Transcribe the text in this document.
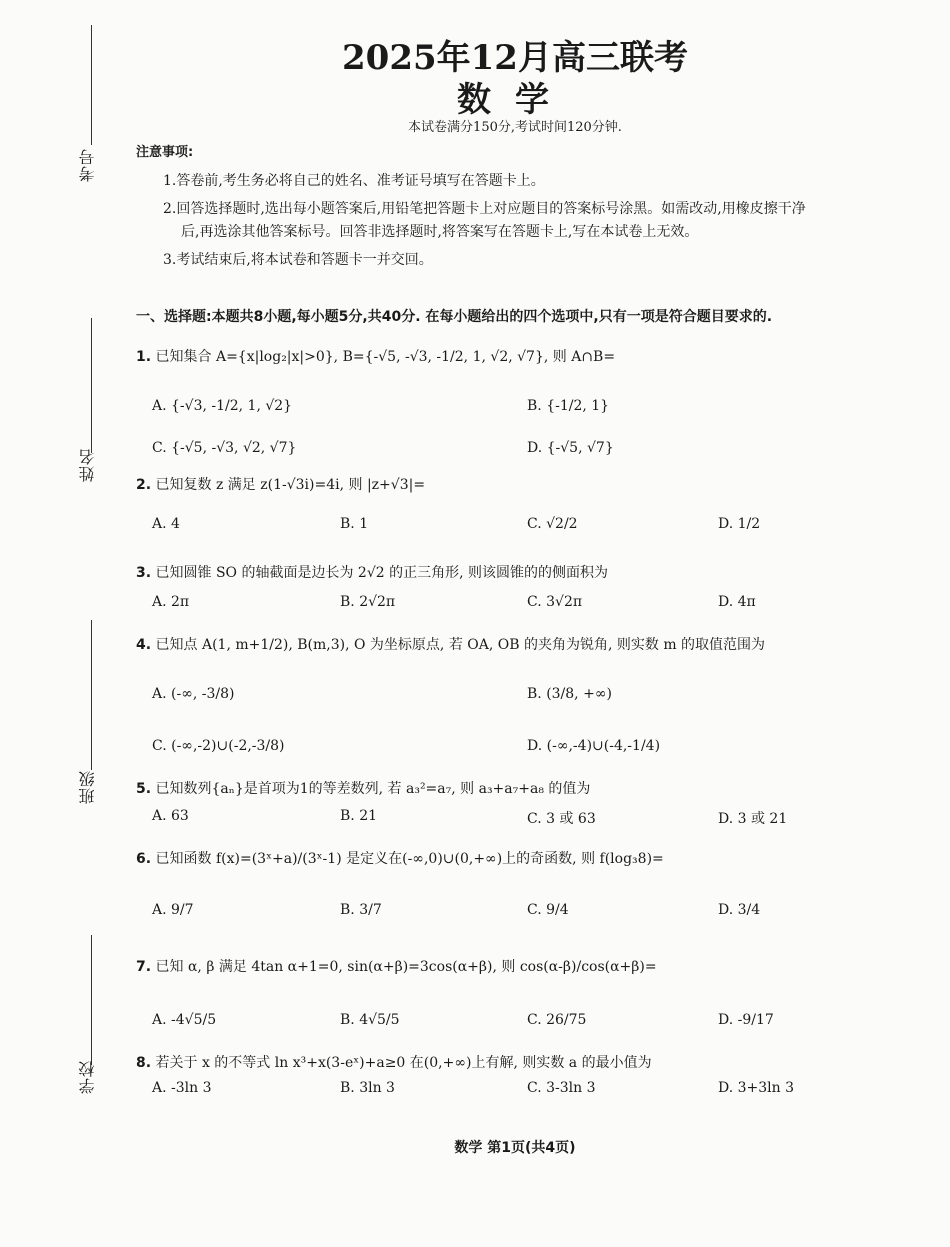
考号
姓名
班级
学校
2025年12月高三联考
数学
本试卷满分150分,考试时间120分钟.
注意事项:
1.答卷前,考生务必将自己的姓名、准考证号填写在答题卡上。
2.回答选择题时,选出每小题答案后,用铅笔把答题卡上对应题目的答案标号涂黑。如需改动,用橡皮擦干净
后,再选涂其他答案标号。回答非选择题时,将答案写在答题卡上,写在本试卷上无效。
3.考试结束后,将本试卷和答题卡一并交回。
一、选择题:本题共8小题,每小题5分,共40分. 在每小题给出的四个选项中,只有一项是符合题目要求的.
1. 已知集合 A={x|log₂|x|>0}, B={-√5, -√3, -1/2, 1, √2, √7}, 则 A∩B=
A. {-√3, -1/2, 1, √2}	B. {-1/2, 1}
C. {-√5, -√3, √2, √7}	D. {-√5, √7}
2. 已知复数 z 满足 z(1-√3i)=4i, 则 |z+√3|=
A. 4	B. 1	C. √2/2	D. 1/2
3. 已知圆锥 SO 的轴截面是边长为 2√2 的正三角形, 则该圆锥的的侧面积为
A. 2π	B. 2√2π	C. 3√2π	D. 4π
4. 已知点 A(1, m+1/2), B(m,3), O 为坐标原点, 若 OA, OB 的夹角为锐角, 则实数 m 的取值范围为
A. (-∞, -3/8)	B. (3/8, +∞)
C. (-∞,-2)∪(-2,-3/8)	D. (-∞,-4)∪(-4,-1/4)
5. 已知数列{aₙ}是首项为1的等差数列, 若 a₃²=a₇, 则 a₃+a₇+a₈ 的值为
A. 63	B. 21	C. 3 或 63	D. 3 或 21
6. 已知函数 f(x)=(3ˣ+a)/(3ˣ-1) 是定义在(-∞,0)∪(0,+∞)上的奇函数, 则 f(log₃8)=
A. 9/7	B. 3/7	C. 9/4	D. 3/4
7. 已知 α, β 满足 4tan α+1=0, sin(α+β)=3cos(α+β), 则 cos(α-β)/cos(α+β)=
A. -4√5/5	B. 4√5/5	C. 26/75	D. -9/17
8. 若关于 x 的不等式 ln x³+x(3-eˣ)+a≥0 在(0,+∞)上有解, 则实数 a 的最小值为
A. -3ln 3	B. 3ln 3	C. 3-3ln 3	D. 3+3ln 3
数学 第1页(共4页)
